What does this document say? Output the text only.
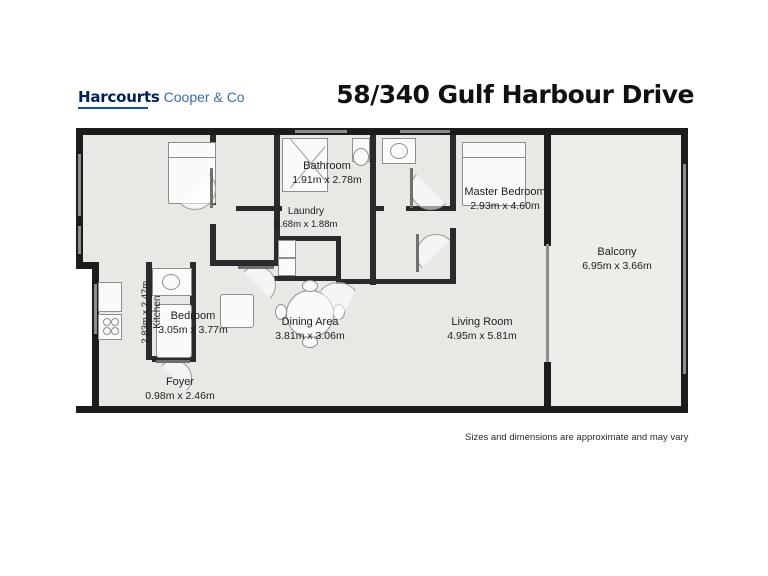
Harcourts Cooper & Co	58/340 Gulf Harbour Drive
Bedroom
3.05m x 3.77m
Bathroom
1.91m x 2.78m
Master Bedroom
2.93m x 4.60m
Balcony
6.95m x 3.66m
Laundry
0.68m x 1.88m
2.83m x 2.47m Kitchen	Dining Area
3.81m x 3.06m
Living Room
4.95m x 5.81m
Foyer
0.98m x 2.46m
Sizes and dimensions are approximate and may vary
